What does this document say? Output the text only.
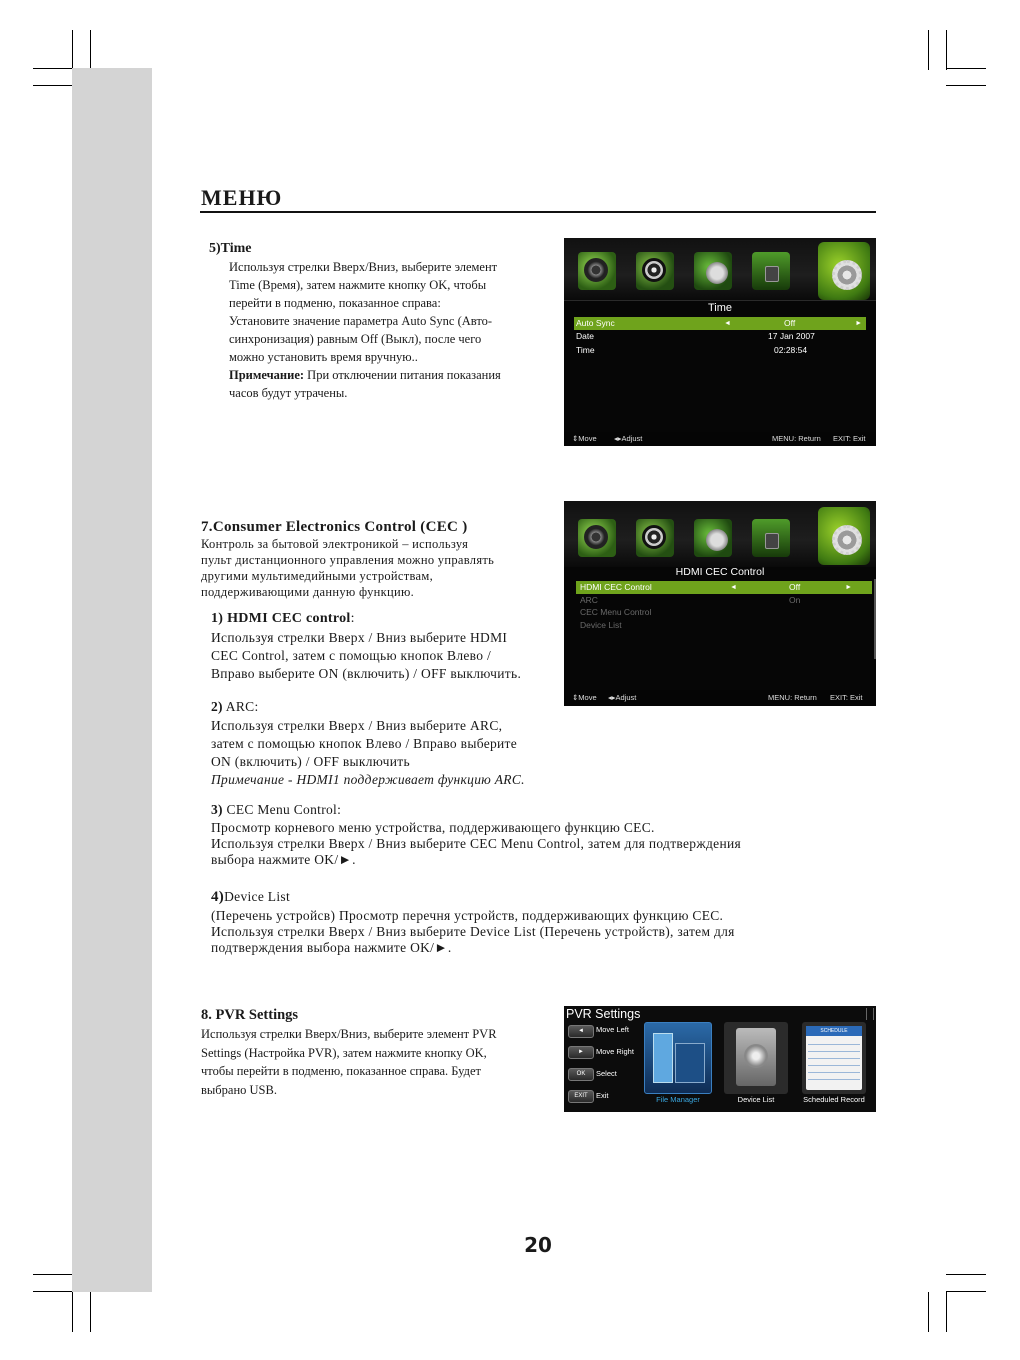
МЕНЮ

5)Time

Используя стрелки Вверх/Вниз, выберите элемент

Time (Время), затем нажмите кнопку OK, чтобы

перейти в подменю, показанное справа:

Установите значение параметра Auto Sync (Авто-

синхронизация) равным Off (Выкл), после чего

можно установить время вручную..

Примечание: При отключении питания показания

часов будут утрачены.

Time
Auto Sync	◄	Off	►
Date	17 Jan 2007
Time	02:28:54
⇕ Move ◂▸ Adjust	MENU: Return EXIT: Exit

7.Consumer Electronics Control (CEC )

Контроль за бытовой электроникой – используя

пульт дистанционного управления можно управлять

другими мультимедийными устройствам,

поддерживающими данную функцию.

1) HDMI CEC control:

Используя стрелки Вверх / Вниз выберите HDMI

CEC Control, затем с помощью кнопок Влево /

Вправо выберите ON (включить) / OFF выключить.

HDMI CEC Control
HDMI CEC Control	◄	Off	►
ARC	On
CEC Menu Control
Device List
⇕ Move ◂▸ Adjust	MENU: Return EXIT: Exit

2) ARC:

Используя стрелки Вверх / Вниз выберите ARC,

затем с помощью кнопок Влево / Вправо выберите

ON (включить) / OFF выключить

Примечание - HDMI1 поддерживает функцию ARC.

3) CEC Menu Control:

Просмотр корневого меню устройства, поддерживающего функцию CEC.

Используя стрелки Вверх / Вниз выберите CEC Menu Control, затем для подтверждения

выбора нажмите OK/►.

4)Device List

(Перечень устройсв) Просмотр перечня устройств, поддерживающих функцию CEC.

Используя стрелки Вверх / Вниз выберите Device List (Перечень устройств), затем для

подтверждения выбора нажмите OK/►.

8. PVR Settings

Используя стрелки Вверх/Вниз, выберите элемент PVR

Settings (Настройка PVR), затем нажмите кнопку OK,

чтобы перейти в подменю, показанное справа. Будет

выбрано USB.

PVR Settings
◄	Move Left
►	Move Right
OK	Select
EXIT	Exit	File Manager	Device List
SCHEDULE
Scheduled Record
20
